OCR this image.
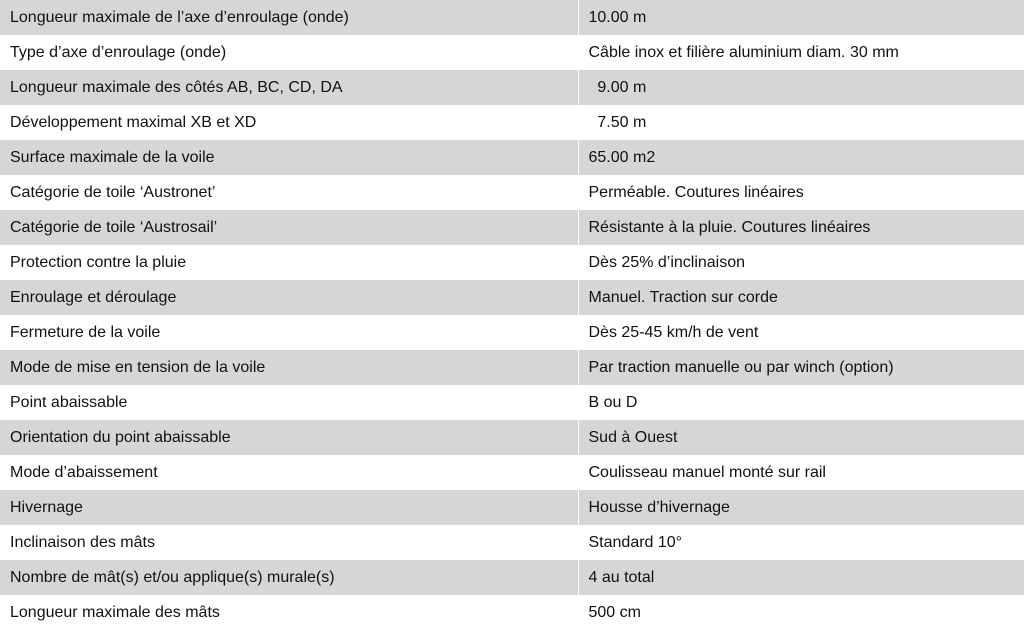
Longueur maximale de l’axe d’enroulage (onde)	10.00 m
Type d’axe d’enroulage (onde)	Câble inox et filière aluminium diam. 30 mm
Longueur maximale des côtés AB, BC, CD, DA	9.00 m
Développement maximal XB et XD	7.50 m
Surface maximale de la voile	65.00 m2
Catégorie de toile ‘Austronet’	Perméable. Coutures linéaires
Catégorie de toile ‘Austrosail’	Résistante à la pluie. Coutures linéaires
Protection contre la pluie	Dès 25% d’inclinaison
Enroulage et déroulage	Manuel. Traction sur corde
Fermeture de la voile	Dès 25-45 km/h de vent
Mode de mise en tension de la voile	Par traction manuelle ou par winch (option)
Point abaissable	B ou D
Orientation du point abaissable	Sud à Ouest
Mode d’abaissement	Coulisseau manuel monté sur rail
Hivernage	Housse d’hivernage
Inclinaison des mâts	Standard 10°
Nombre de mât(s) et/ou applique(s) murale(s)	4 au total
Longueur maximale des mâts	500 cm
